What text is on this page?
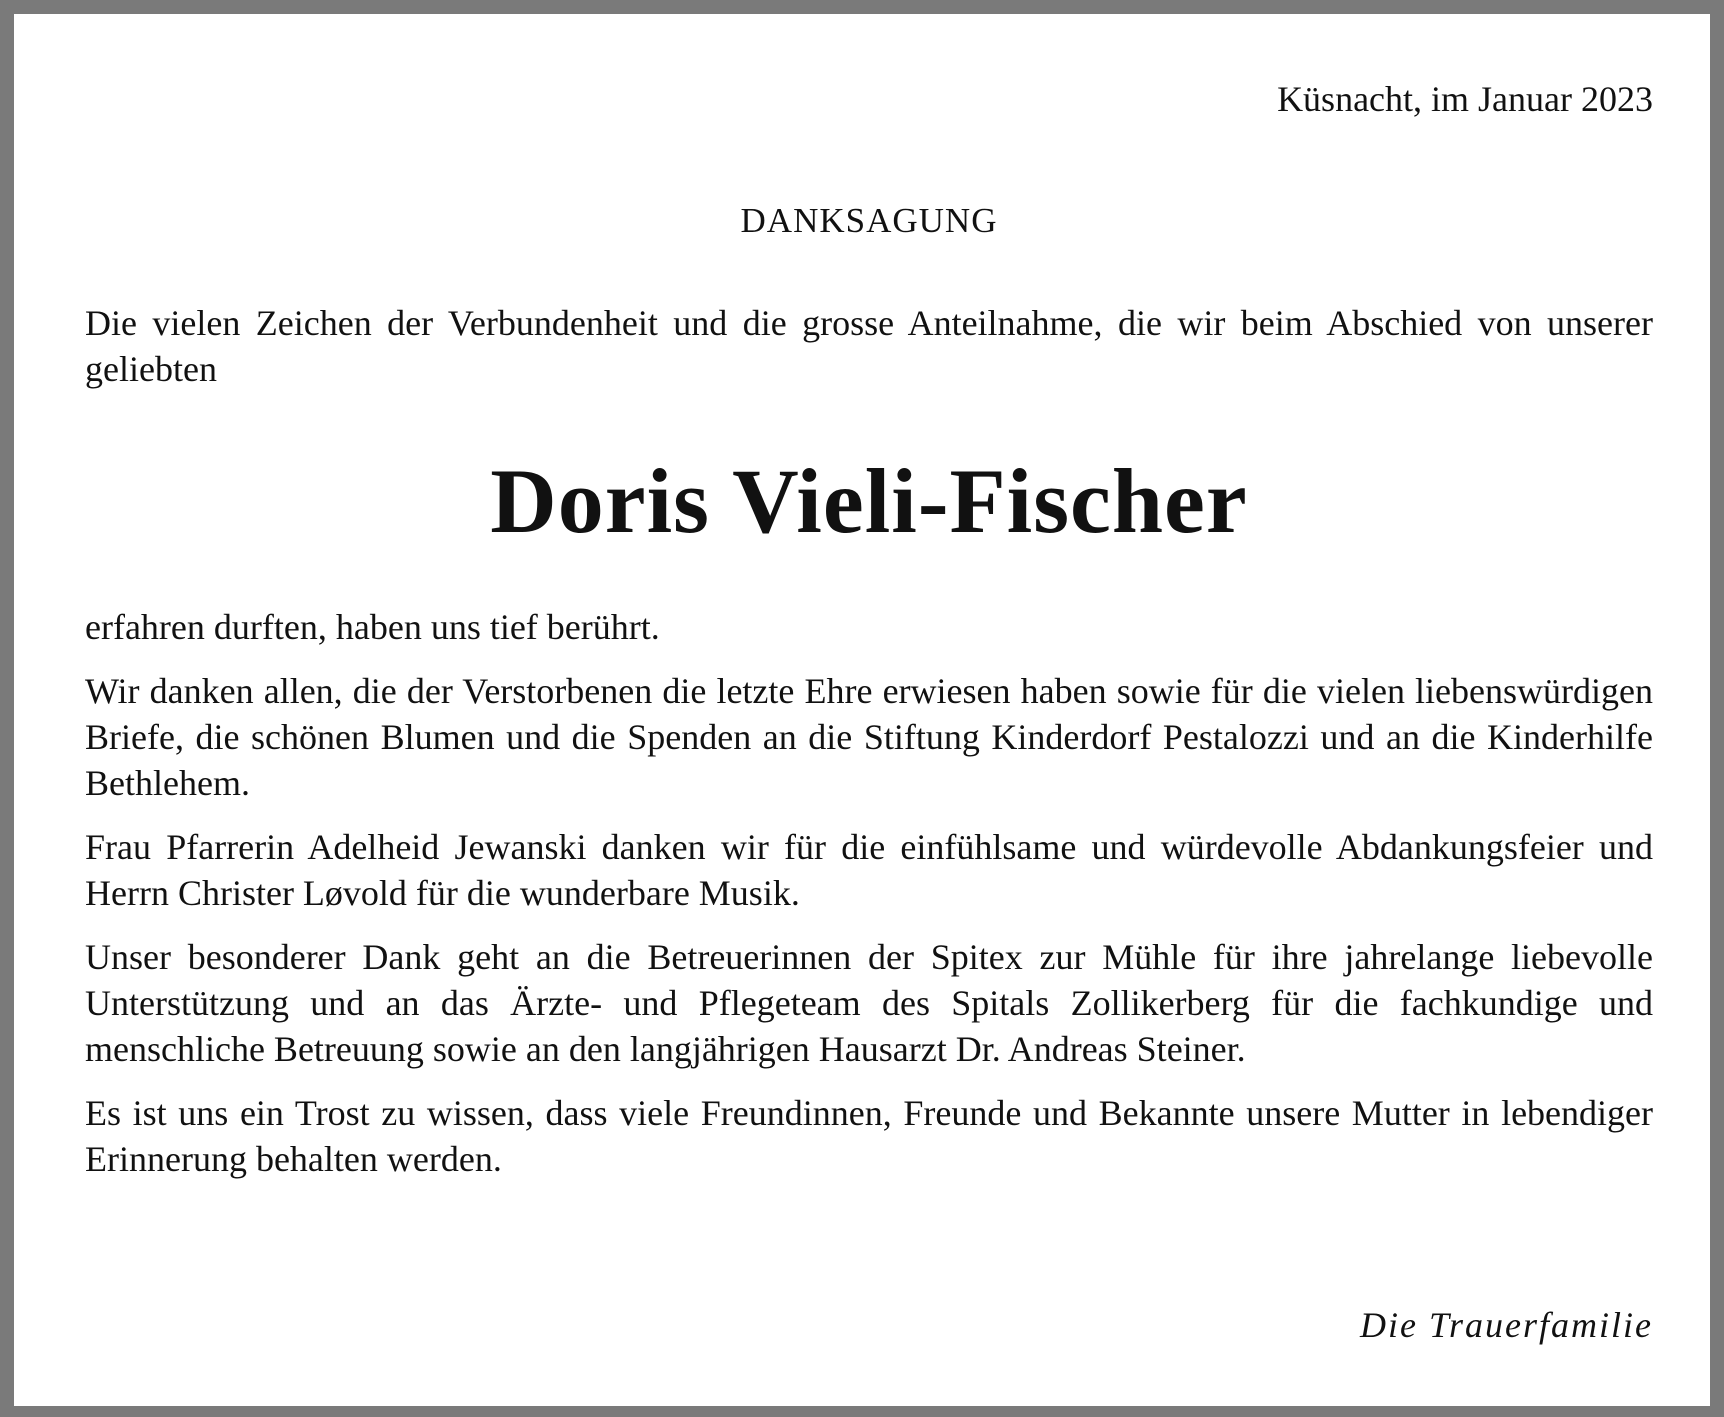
Küsnacht, im Januar 2023
DANKSAGUNG

Die vielen Zeichen der Verbundenheit und die grosse Anteilnahme, die wir beim Abschied von unserer geliebten

Doris Vieli-Fischer

erfahren durften, haben uns tief berührt.

Wir danken allen, die der Verstorbenen die letzte Ehre erwiesen haben sowie für die vielen liebenswürdigen Briefe, die schönen Blumen und die Spenden an die Stiftung Kinderdorf Pestalozzi und an die Kinderhilfe Bethlehem.

Frau Pfarrerin Adelheid Jewanski danken wir für die einfühlsame und würdevolle Abdankungsfeier und Herrn Christer Løvold für die wunderbare Musik.

Unser besonderer Dank geht an die Betreuerinnen der Spitex zur Mühle für ihre jahrelange liebevolle Unterstützung und an das Ärzte- und Pflegeteam des Spitals Zollikerberg für die fachkundige und menschliche Betreuung sowie an den langjährigen Hausarzt Dr. Andreas Steiner.

Es ist uns ein Trost zu wissen, dass viele Freundinnen, Freunde und Bekannte unsere Mutter in lebendiger Erinnerung behalten werden.

Die Trauerfamilie
